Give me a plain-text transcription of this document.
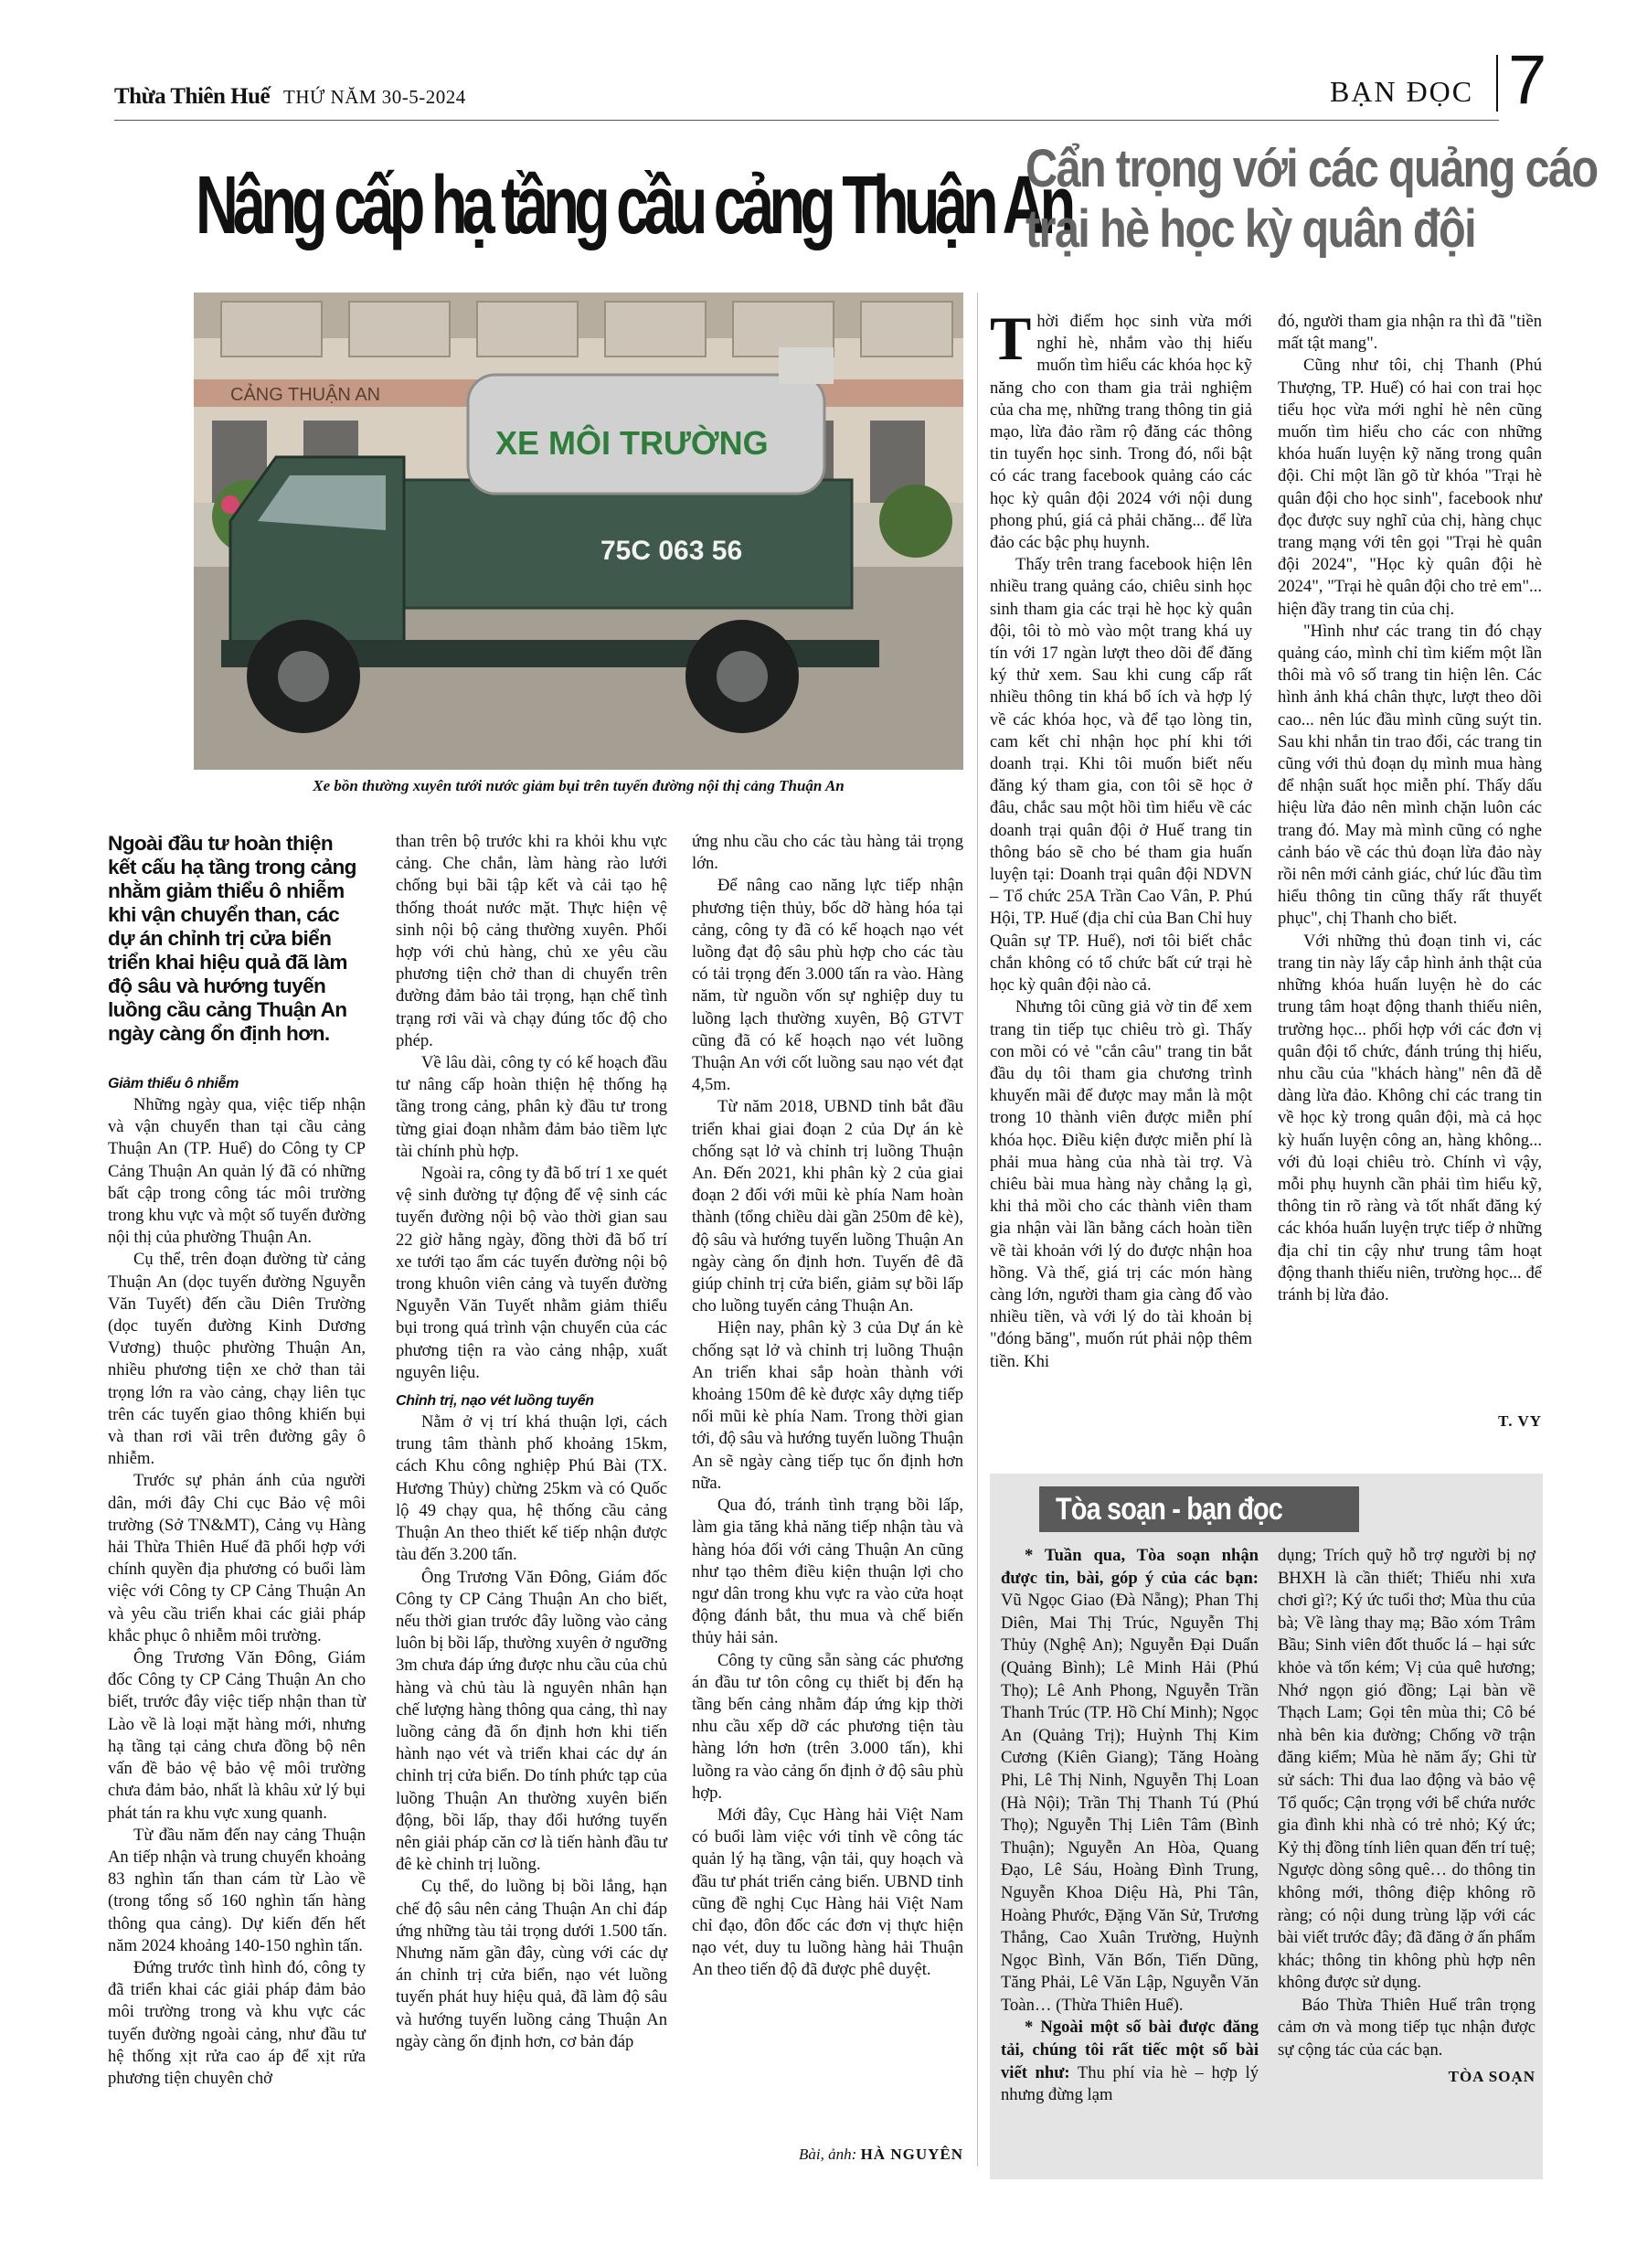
Thừa Thiên Huế THỨ NĂM 30-5-2024	BẠN ĐỌC 7
Nâng cấp hạ tầng cầu cảng Thuận An
CẢNG THUẬN AN
XE MÔI TRƯỜNG
75C 063 56
Xe bồn thường xuyên tưới nước giảm bụi trên tuyến đường nội thị cảng Thuận An
Ngoài đầu tư hoàn thiện kết cấu hạ tầng trong cảng nhằm giảm thiểu ô nhiễm khi vận chuyển than, các dự án chỉnh trị cửa biển triển khai hiệu quả đã làm độ sâu và hướng tuyến luồng cầu cảng Thuận An ngày càng ổn định hơn.
Giảm thiểu ô nhiễm

Những ngày qua, việc tiếp nhận và vận chuyển than tại cầu cảng Thuận An (TP. Huế) do Công ty CP Cảng Thuận An quản lý đã có những bất cập trong công tác môi trường trong khu vực và một số tuyến đường nội thị của phường Thuận An.

Cụ thể, trên đoạn đường từ cảng Thuận An (dọc tuyến đường Nguyễn Văn Tuyết) đến cầu Diên Trường (dọc tuyến đường Kinh Dương Vương) thuộc phường Thuận An, nhiều phương tiện xe chở than tải trọng lớn ra vào cảng, chạy liên tục trên các tuyến giao thông khiến bụi và than rơi vãi trên đường gây ô nhiễm.

Trước sự phản ánh của người dân, mới đây Chi cục Bảo vệ môi trường (Sở TN&MT), Cảng vụ Hàng hải Thừa Thiên Huế đã phối hợp với chính quyền địa phương có buổi làm việc với Công ty CP Cảng Thuận An và yêu cầu triển khai các giải pháp khắc phục ô nhiễm môi trường.

Ông Trương Văn Đông, Giám đốc Công ty CP Cảng Thuận An cho biết, trước đây việc tiếp nhận than từ Lào về là loại mặt hàng mới, nhưng hạ tầng tại cảng chưa đồng bộ nên vấn đề bảo vệ bảo vệ môi trường chưa đảm bảo, nhất là khâu xử lý bụi phát tán ra khu vực xung quanh.

Từ đầu năm đến nay cảng Thuận An tiếp nhận và trung chuyển khoảng 83 nghìn tấn than cám từ Lào về (trong tổng số 160 nghìn tấn hàng thông qua cảng). Dự kiến đến hết năm 2024 khoảng 140-150 nghìn tấn.

Đứng trước tình hình đó, công ty đã triển khai các giải pháp đảm bảo môi trường trong và khu vực các tuyến đường ngoài cảng, như đầu tư hệ thống xịt rửa cao áp để xịt rửa phương tiện chuyên chở

than trên bộ trước khi ra khỏi khu vực cảng. Che chắn, làm hàng rào lưới chống bụi bãi tập kết và cải tạo hệ thống thoát nước mặt. Thực hiện vệ sinh nội bộ cảng thường xuyên. Phối hợp với chủ hàng, chủ xe yêu cầu phương tiện chở than di chuyển trên đường đảm bảo tải trọng, hạn chế tình trạng rơi vãi và chạy đúng tốc độ cho phép.

Về lâu dài, công ty có kế hoạch đầu tư nâng cấp hoàn thiện hệ thống hạ tầng trong cảng, phân kỳ đầu tư trong từng giai đoạn nhằm đảm bảo tiềm lực tài chính phù hợp.

Ngoài ra, công ty đã bố trí 1 xe quét vệ sinh đường tự động để vệ sinh các tuyến đường nội bộ vào thời gian sau 22 giờ hằng ngày, đồng thời đã bố trí xe tưới tạo ẩm các tuyến đường nội bộ trong khuôn viên cảng và tuyến đường Nguyễn Văn Tuyết nhằm giảm thiểu bụi trong quá trình vận chuyển của các phương tiện ra vào cảng nhập, xuất nguyên liệu.

Chỉnh trị, nạo vét luồng tuyến

Nằm ở vị trí khá thuận lợi, cách trung tâm thành phố khoảng 15km, cách Khu công nghiệp Phú Bài (TX. Hương Thủy) chừng 25km và có Quốc lộ 49 chạy qua, hệ thống cầu cảng Thuận An theo thiết kế tiếp nhận được tàu đến 3.200 tấn.

Ông Trương Văn Đông, Giám đốc Công ty CP Cảng Thuận An cho biết, nếu thời gian trước đây luồng vào cảng luôn bị bồi lấp, thường xuyên ở ngưỡng 3m chưa đáp ứng được nhu cầu của chủ hàng và chủ tàu là nguyên nhân hạn chế lượng hàng thông qua cảng, thì nay luồng cảng đã ổn định hơn khi tiến hành nạo vét và triển khai các dự án chỉnh trị cửa biển. Do tính phức tạp của luồng Thuận An thường xuyên biến động, bồi lấp, thay đổi hướng tuyến nên giải pháp căn cơ là tiến hành đầu tư đê kè chỉnh trị luồng.

Cụ thể, do luồng bị bồi lắng, hạn chế độ sâu nên cảng Thuận An chỉ đáp ứng những tàu tải trọng dưới 1.500 tấn. Nhưng năm gần đây, cùng với các dự án chỉnh trị cửa biển, nạo vét luồng tuyến phát huy hiệu quả, đã làm độ sâu và hướng tuyến luồng cảng Thuận An ngày càng ổn định hơn, cơ bản đáp

ứng nhu cầu cho các tàu hàng tải trọng lớn.

Để nâng cao năng lực tiếp nhận phương tiện thủy, bốc dỡ hàng hóa tại cảng, công ty đã có kế hoạch nạo vét luồng đạt độ sâu phù hợp cho các tàu có tải trọng đến 3.000 tấn ra vào. Hàng năm, từ nguồn vốn sự nghiệp duy tu luồng lạch thường xuyên, Bộ GTVT cũng đã có kế hoạch nạo vét luồng Thuận An với cốt luồng sau nạo vét đạt 4,5m.

Từ năm 2018, UBND tỉnh bắt đầu triển khai giai đoạn 2 của Dự án kè chống sạt lở và chỉnh trị luồng Thuận An. Đến 2021, khi phân kỳ 2 của giai đoạn 2 đối với mũi kè phía Nam hoàn thành (tổng chiều dài gần 250m đê kè), độ sâu và hướng tuyến luồng Thuận An ngày càng ổn định hơn. Tuyến đê đã giúp chỉnh trị cửa biển, giảm sự bồi lấp cho luồng tuyến cảng Thuận An.

Hiện nay, phân kỳ 3 của Dự án kè chống sạt lở và chỉnh trị luồng Thuận An triển khai sắp hoàn thành với khoảng 150m đê kè được xây dựng tiếp nối mũi kè phía Nam. Trong thời gian tới, độ sâu và hướng tuyến luồng Thuận An sẽ ngày càng tiếp tục ổn định hơn nữa.

Qua đó, tránh tình trạng bồi lấp, làm gia tăng khả năng tiếp nhận tàu và hàng hóa đối với cảng Thuận An cũng như tạo thêm điều kiện thuận lợi cho ngư dân trong khu vực ra vào cửa hoạt động đánh bắt, thu mua và chế biến thủy hải sản.

Công ty cũng sẵn sàng các phương án đầu tư tôn công cụ thiết bị đến hạ tầng bến cảng nhằm đáp ứng kịp thời nhu cầu xếp dỡ các phương tiện tàu hàng lớn hơn (trên 3.000 tấn), khi luồng ra vào cảng ổn định ở độ sâu phù hợp.

Mới đây, Cục Hàng hải Việt Nam có buổi làm việc với tỉnh về công tác quản lý hạ tầng, vận tải, quy hoạch và đầu tư phát triển cảng biển. UBND tỉnh cũng đề nghị Cục Hàng hải Việt Nam chỉ đạo, đôn đốc các đơn vị thực hiện nạo vét, duy tu luồng hàng hải Thuận An theo tiến độ đã được phê duyệt.

Bài, ảnh: HÀ NGUYÊN
Cẩn trọng với các quảng cáo
trại hè học kỳ quân đội

Thời điểm học sinh vừa mới nghỉ hè, nhắm vào thị hiếu muốn tìm hiểu các khóa học kỹ năng cho con tham gia trải nghiệm của cha mẹ, những trang thông tin giả mạo, lừa đảo rầm rộ đăng các thông tin tuyển học sinh. Trong đó, nổi bật có các trang facebook quảng cáo các học kỳ quân đội 2024 với nội dung phong phú, giá cả phải chăng... để lừa đảo các bậc phụ huynh.

Thấy trên trang facebook hiện lên nhiều trang quảng cáo, chiêu sinh học sinh tham gia các trại hè học kỳ quân đội, tôi tò mò vào một trang khá uy tín với 17 ngàn lượt theo dõi để đăng ký thử xem. Sau khi cung cấp rất nhiều thông tin khá bổ ích và hợp lý về các khóa học, và để tạo lòng tin, cam kết chỉ nhận học phí khi tới doanh trại. Khi tôi muốn biết nếu đăng ký tham gia, con tôi sẽ học ở đâu, chắc sau một hồi tìm hiểu về các doanh trại quân đội ở Huế trang tin thông báo sẽ cho bé tham gia huấn luyện tại: Doanh trại quân đội NDVN – Tổ chức 25A Trần Cao Vân, P. Phú Hội, TP. Huế (địa chỉ của Ban Chỉ huy Quân sự TP. Huế), nơi tôi biết chắc chắn không có tổ chức bất cứ trại hè học kỳ quân đội nào cả.

Nhưng tôi cũng giả vờ tin để xem trang tin tiếp tục chiêu trò gì. Thấy con mồi có vẻ "cắn câu" trang tin bắt đầu dụ tôi tham gia chương trình khuyến mãi để được may mắn là một trong 10 thành viên được miễn phí khóa học. Điều kiện được miễn phí là phải mua hàng của nhà tài trợ. Và chiêu bài mua hàng này chẳng lạ gì, khi thả mồi cho các thành viên tham gia nhận vài lần bằng cách hoàn tiền về tài khoản với lý do được nhận hoa hồng. Và thế, giá trị các món hàng càng lớn, người tham gia càng đổ vào nhiều tiền, và với lý do tài khoản bị "đóng băng", muốn rút phải nộp thêm tiền. Khi

đó, người tham gia nhận ra thì đã "tiền mất tật mang".

Cũng như tôi, chị Thanh (Phú Thượng, TP. Huế) có hai con trai học tiểu học vừa mới nghỉ hè nên cũng muốn tìm hiểu cho các con những khóa huấn luyện kỹ năng trong quân đội. Chỉ một lần gõ từ khóa "Trại hè quân đội cho học sinh", facebook như đọc được suy nghĩ của chị, hàng chục trang mạng với tên gọi "Trại hè quân đội 2024", "Học kỳ quân đội hè 2024", "Trại hè quân đội cho trẻ em"... hiện đầy trang tin của chị.

"Hình như các trang tin đó chạy quảng cáo, mình chỉ tìm kiếm một lần thôi mà vô số trang tin hiện lên. Các hình ảnh khá chân thực, lượt theo dõi cao... nên lúc đầu mình cũng suýt tin. Sau khi nhắn tin trao đổi, các trang tin cũng với thủ đoạn dụ mình mua hàng để nhận suất học miễn phí. Thấy dấu hiệu lừa đảo nên mình chặn luôn các trang đó. May mà mình cũng có nghe cảnh báo về các thủ đoạn lừa đảo này rồi nên mới cảnh giác, chứ lúc đầu tìm hiểu thông tin cũng thấy rất thuyết phục", chị Thanh cho biết.

Với những thủ đoạn tinh vi, các trang tin này lấy cắp hình ảnh thật của những khóa huấn luyện hè do các trung tâm hoạt động thanh thiếu niên, trường học... phối hợp với các đơn vị quân đội tổ chức, đánh trúng thị hiếu, nhu cầu của "khách hàng" nên đã dễ dàng lừa đảo. Không chỉ các trang tin về học kỳ trong quân đội, mà cả học kỳ huấn luyện công an, hàng không... với đủ loại chiêu trò. Chính vì vậy, mỗi phụ huynh cần phải tìm hiểu kỹ, thông tin rõ ràng và tốt nhất đăng ký các khóa huấn luyện trực tiếp ở những địa chỉ tin cậy như trung tâm hoạt động thanh thiếu niên, trường học... để tránh bị lừa đảo.

T. VY
Tòa soạn - bạn đọc

* Tuần qua, Tòa soạn nhận được tin, bài, góp ý của các bạn: Vũ Ngọc Giao (Đà Nẵng); Phan Thị Diên, Mai Thị Trúc, Nguyễn Thị Thủy (Nghệ An); Nguyễn Đại Duẩn (Quảng Bình); Lê Minh Hải (Phú Thọ); Lê Anh Phong, Nguyễn Trần Thanh Trúc (TP. Hồ Chí Minh); Ngọc An (Quảng Trị); Huỳnh Thị Kim Cương (Kiên Giang); Tăng Hoàng Phi, Lê Thị Ninh, Nguyễn Thị Loan (Hà Nội); Trần Thị Thanh Tú (Phú Thọ); Nguyễn Thị Liên Tâm (Bình Thuận); Nguyễn An Hòa, Quang Đạo, Lê Sáu, Hoàng Đình Trung, Nguyễn Khoa Diệu Hà, Phi Tân, Hoàng Phước, Đặng Văn Sử, Trương Thắng, Cao Xuân Trường, Huỳnh Ngọc Bình, Văn Bốn, Tiến Dũng, Tăng Phải, Lê Văn Lập, Nguyễn Văn Toàn… (Thừa Thiên Huế).

* Ngoài một số bài được đăng tải, chúng tôi rất tiếc một số bài viết như: Thu phí vỉa hè – hợp lý nhưng đừng lạm

dụng; Trích quỹ hỗ trợ người bị nợ BHXH là cần thiết; Thiếu nhi xưa chơi gì?; Ký ức tuổi thơ; Mùa thu của bà; Về làng thay mạ; Bão xóm Trâm Bầu; Sinh viên đốt thuốc lá – hại sức khỏe và tốn kém; Vị của quê hương; Nhớ ngọn gió đồng; Lại bàn về Thạch Lam; Gọi tên mùa thi; Cô bé nhà bên kia đường; Chống vỡ trận đăng kiểm; Mùa hè năm ấy; Ghi từ sử sách: Thi đua lao động và bảo vệ Tổ quốc; Cận trọng với bể chứa nước gia đình khi nhà có trẻ nhỏ; Ký ức; Kỷ thị đồng tính liên quan đến trí tuệ; Ngược dòng sông quê… do thông tin không mới, thông điệp không rõ ràng; có nội dung trùng lặp với các bài viết trước đây; đã đăng ở ấn phẩm khác; thông tin không phù hợp nên không được sử dụng.

Báo Thừa Thiên Huế trân trọng cảm ơn và mong tiếp tục nhận được sự cộng tác của các bạn.

TÒA SOẠN
